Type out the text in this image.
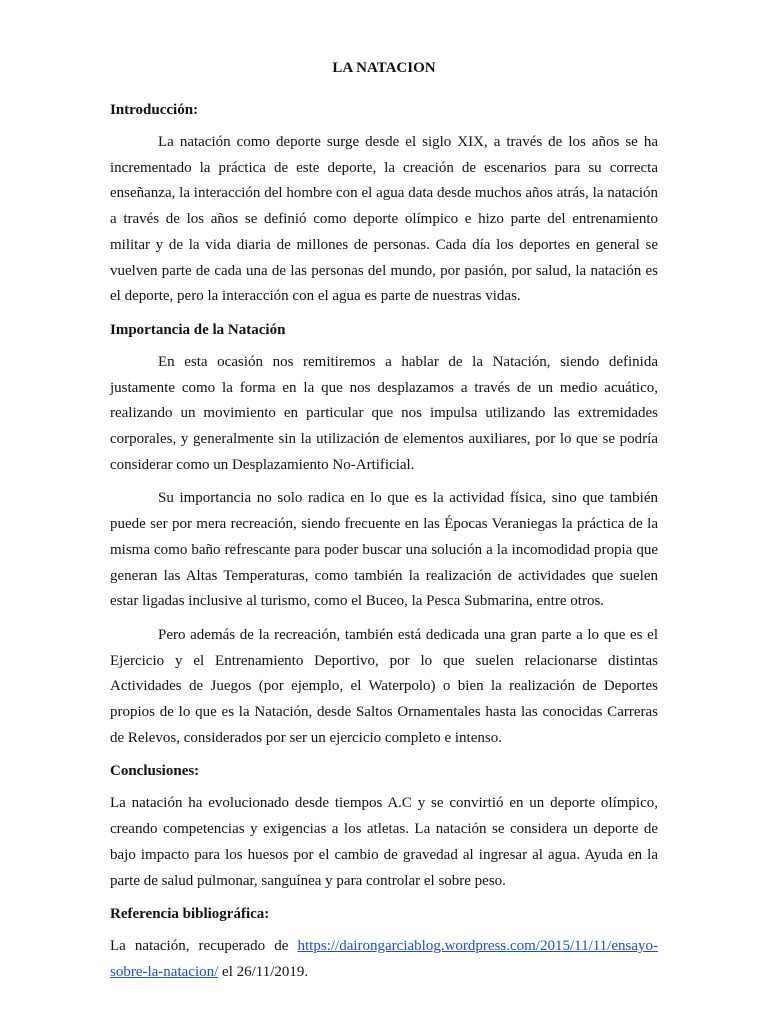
LA NATACION
Introducción:

La natación como deporte surge desde el siglo XIX, a través de los años se ha incrementado la práctica de este deporte, la creación de escenarios para su correcta enseñanza, la interacción del hombre con el agua data desde muchos años atrás, la natación a través de los años se definió como deporte olímpico e hizo parte del entrenamiento militar y de la vida diaria de millones de personas. Cada día los deportes en general se vuelven parte de cada una de las personas del mundo, por pasión, por salud, la natación es el deporte, pero la interacción con el agua es parte de nuestras vidas.

Importancia de la Natación

En esta ocasión nos remitiremos a hablar de la Natación, siendo definida justamente como la forma en la que nos desplazamos a través de un medio acuático, realizando un movimiento en particular que nos impulsa utilizando las extremidades corporales, y generalmente sin la utilización de elementos auxiliares, por lo que se podría considerar como un Desplazamiento No-Artificial.

Su importancia no solo radica en lo que es la actividad física, sino que también puede ser por mera recreación, siendo frecuente en las Épocas Veraniegas la práctica de la misma como baño refrescante para poder buscar una solución a la incomodidad propia que generan las Altas Temperaturas, como también la realización de actividades que suelen estar ligadas inclusive al turismo, como el Buceo, la Pesca Submarina, entre otros.

Pero además de la recreación, también está dedicada una gran parte a lo que es el Ejercicio y el Entrenamiento Deportivo, por lo que suelen relacionarse distintas Actividades de Juegos (por ejemplo, el Waterpolo) o bien la realización de Deportes propios de lo que es la Natación, desde Saltos Ornamentales hasta las conocidas Carreras de Relevos, considerados por ser un ejercicio completo e intenso.

Conclusiones:

La natación ha evolucionado desde tiempos A.C y se convirtió en un deporte olímpico, creando competencias y exigencias a los atletas. La natación se considera un deporte de bajo impacto para los huesos por el cambio de gravedad al ingresar al agua. Ayuda en la parte de salud pulmonar, sanguínea y para controlar el sobre peso.

Referencia bibliográfica:

La natación, recuperado de https://dairongarciablog.wordpress.com/2015/11/11/ensayo-sobre-la-natacion/ el 26/11/2019.
